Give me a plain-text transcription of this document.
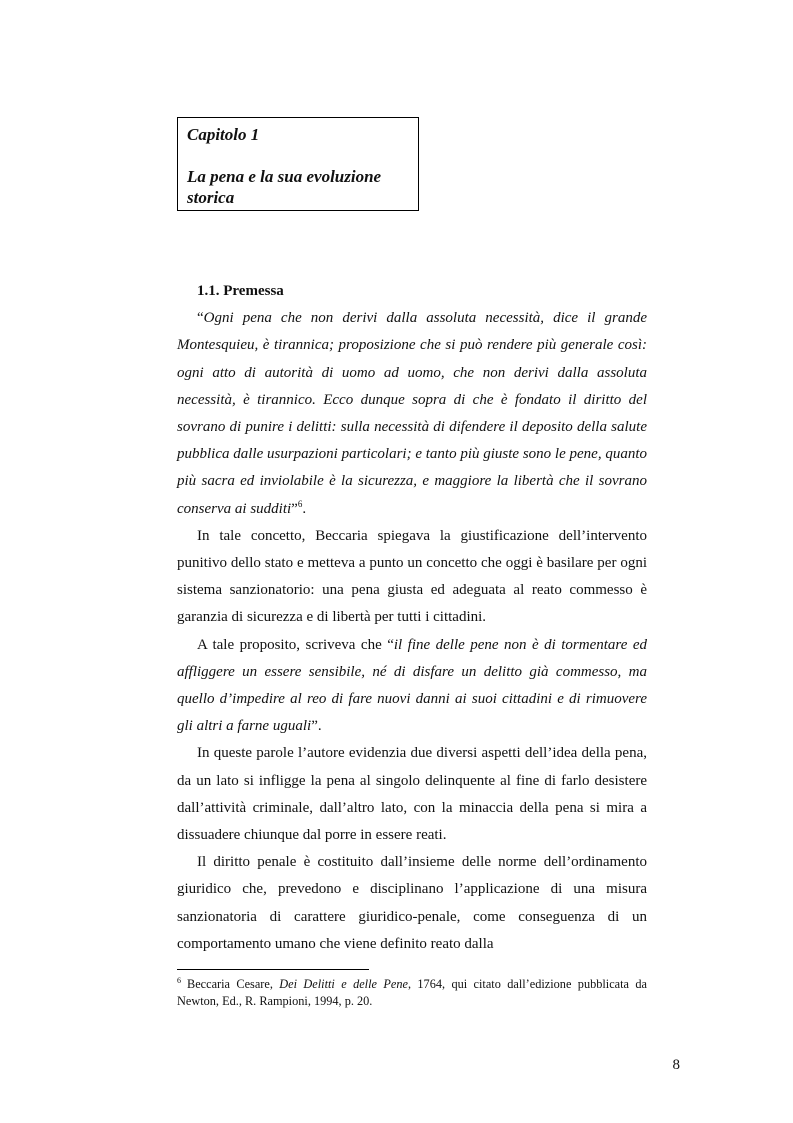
Capitolo 1
La pena e la sua evoluzione storica
1.1. Premessa

“Ogni pena che non derivi dalla assoluta necessità, dice il grande Montesquieu, è tirannica; proposizione che si può rendere più generale così: ogni atto di autorità di uomo ad uomo, che non derivi dalla assoluta necessità, è tirannico. Ecco dunque sopra di che è fondato il diritto del sovrano di punire i delitti: sulla necessità di difendere il deposito della salute pubblica dalle usurpazioni particolari; e tanto più giuste sono le pene, quanto più sacra ed inviolabile è la sicurezza, e maggiore la libertà che il sovrano conserva ai sudditi”$^6$.

In tale concetto, Beccaria spiegava la giustificazione dell’intervento punitivo dello stato e metteva a punto un concetto che oggi è basilare per ogni sistema sanzionatorio: una pena giusta ed adeguata al reato commesso è garanzia di sicurezza e di libertà per tutti i cittadini.

A tale proposito, scriveva che “il fine delle pene non è di tormentare ed affliggere un essere sensibile, né di disfare un delitto già commesso, ma quello d’impedire al reo di fare nuovi danni ai suoi cittadini e di rimuovere gli altri a farne uguali”.

In queste parole l’autore evidenzia due diversi aspetti dell’idea della pena, da un lato si infligge la pena al singolo delinquente al fine di farlo desistere dall’attività criminale, dall’altro lato, con la minaccia della pena si mira a dissuadere chiunque dal porre in essere reati.

Il diritto penale è costituito dall’insieme delle norme dell’ordinamento giuridico che, prevedono e disciplinano l’applicazione di una misura sanzionatoria di carattere giuridico-penale, come conseguenza di un comportamento umano che viene definito reato dalla

$^6$ Beccaria Cesare, Dei Delitti e delle Pene, 1764, qui citato dall’edizione pubblicata da Newton, Ed., R. Rampioni, 1994, p. 20.
8
